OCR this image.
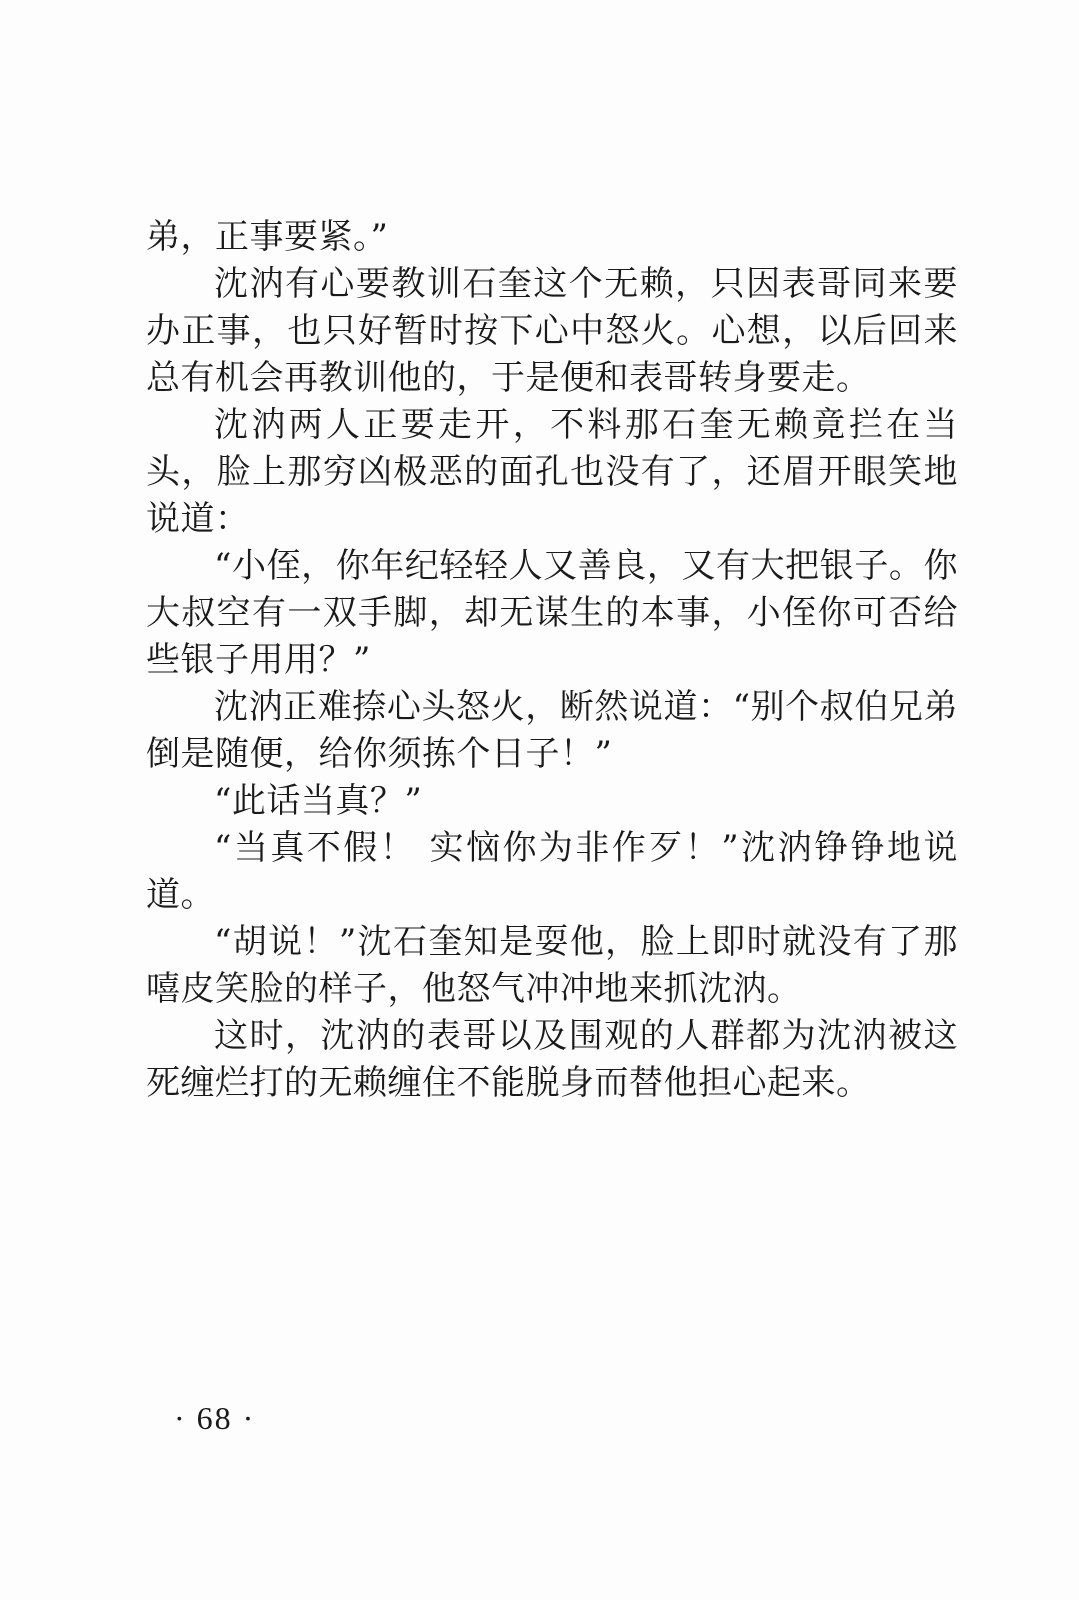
弟，正事要紧。”

沈汭有心要教训石奎这个无赖，只因表哥同来要办正事，也只好暂时按下心中怒火。心想，以后回来总有机会再教训他的，于是便和表哥转身要走。

沈汭两人正要走开，不料那石奎无赖竟拦在当头，脸上那穷凶极恶的面孔也没有了，还眉开眼笑地说道：

“小侄，你年纪轻轻人又善良，又有大把银子。你大叔空有一双手脚，却无谋生的本事，小侄你可否给些银子用用？”

沈汭正难捺心头怒火，断然说道：“别个叔伯兄弟倒是随便，给你须拣个日子！”

“此话当真？”

“当真不假！ 实恼你为非作歹！”沈汭铮铮地说道。

“胡说！”沈石奎知是耍他，脸上即时就没有了那嘻皮笑脸的样子，他怒气冲冲地来抓沈汭。

这时，沈汭的表哥以及围观的人群都为沈汭被这死缠烂打的无赖缠住不能脱身而替他担心起来。

· 68 ·
